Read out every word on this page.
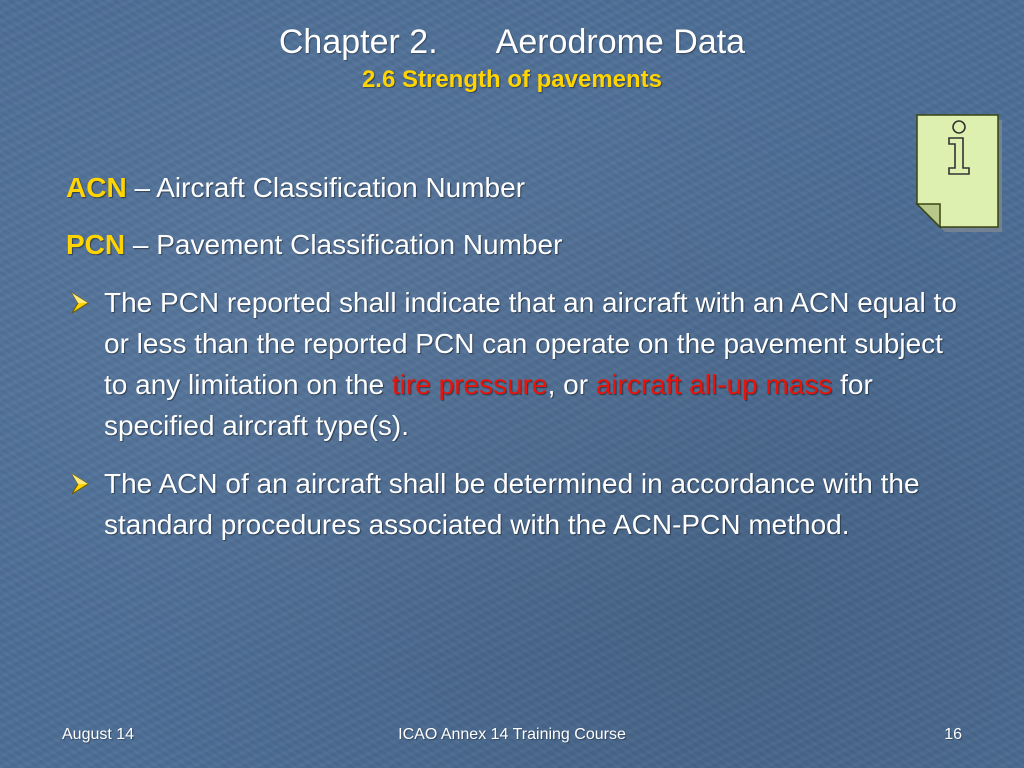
Chapter 2. Aerodrome Data
2.6 Strength of pavements
ACN – Aircraft Classification Number
PCN – Pavement Classification Number
The PCN reported shall indicate that an aircraft with an ACN equal to or less than the reported PCN can operate on the pavement subject to any limitation on the tire pressure, or aircraft all-up mass for specified aircraft type(s).
The ACN of an aircraft shall be determined in accordance with the standard procedures associated with the ACN-PCN method.
August 14	ICAO Annex 14 Training Course	16
